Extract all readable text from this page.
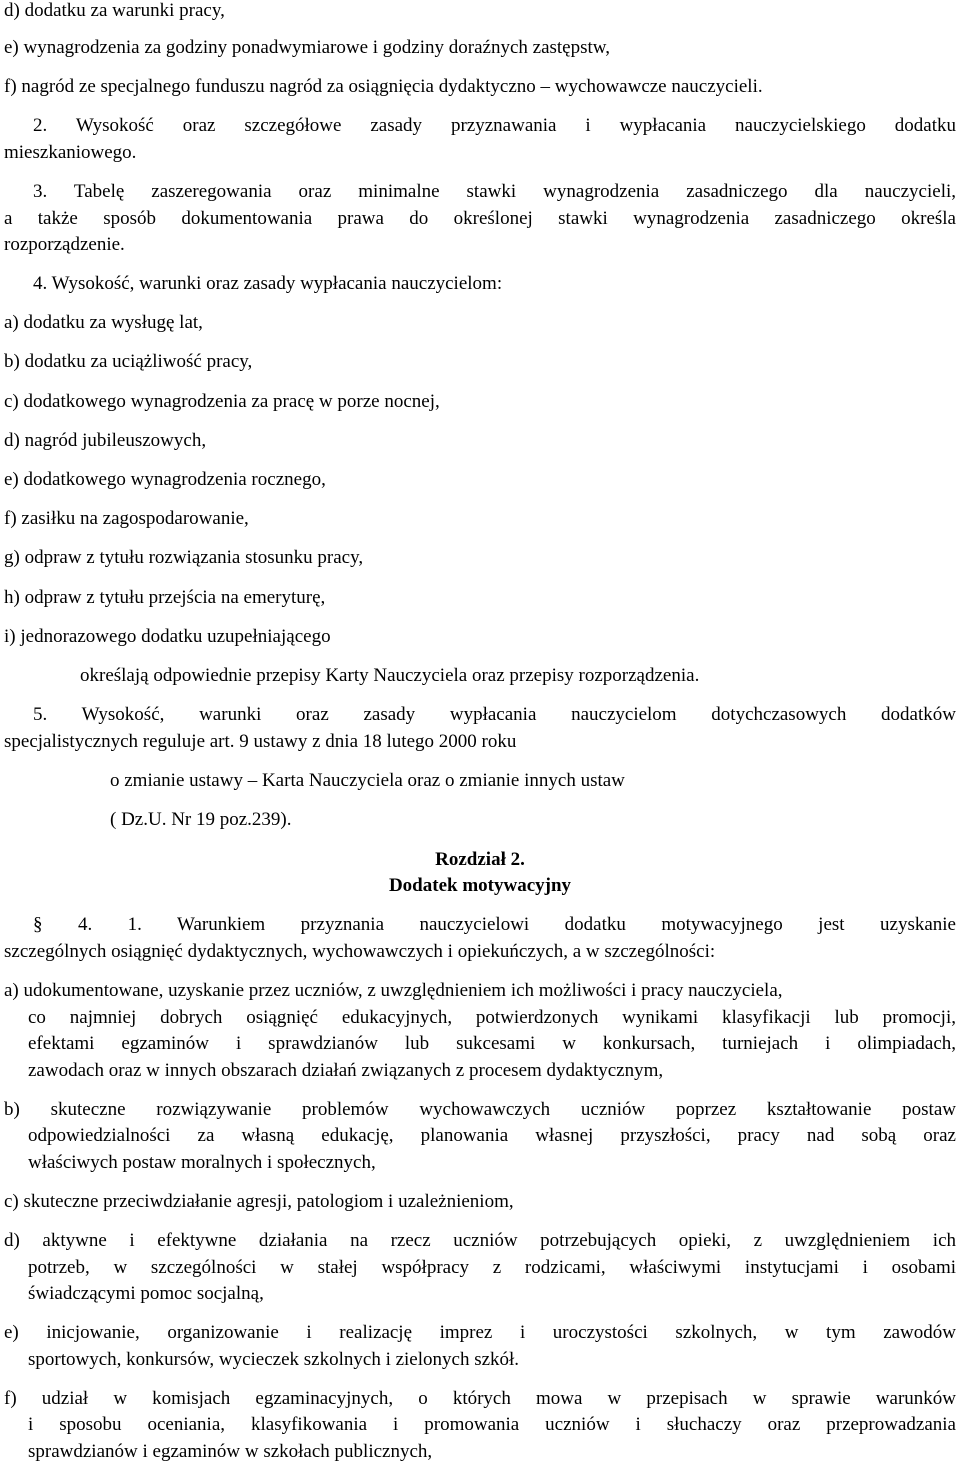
d) dodatku za warunki pracy,
e) wynagrodzenia za godziny ponadwymiarowe i godziny doraźnych zastępstw,
f) nagród ze specjalnego funduszu nagród za osiągnięcia dydaktyczno – wychowawcze nauczycieli.
2. Wysokość oraz szczegółowe zasady przyznawania i wypłacania nauczycielskiego dodatku
mieszkaniowego.
3. Tabelę zaszeregowania oraz minimalne stawki wynagrodzenia zasadniczego dla nauczycieli,
a także sposób dokumentowania prawa do określonej stawki wynagrodzenia zasadniczego określa
rozporządzenie.
4. Wysokość, warunki oraz zasady wypłacania nauczycielom:
a) dodatku za wysługę lat,
b) dodatku za uciążliwość pracy,
c) dodatkowego wynagrodzenia za pracę w porze nocnej,
d) nagród jubileuszowych,
e) dodatkowego wynagrodzenia rocznego,
f) zasiłku na zagospodarowanie,
g) odpraw z tytułu rozwiązania stosunku pracy,
h) odpraw z tytułu przejścia na emeryturę,
i) jednorazowego dodatku uzupełniającego
określają odpowiednie przepisy Karty Nauczyciela oraz przepisy rozporządzenia.
5. Wysokość, warunki oraz zasady wypłacania nauczycielom dotychczasowych dodatków
specjalistycznych reguluje art. 9 ustawy z dnia 18 lutego 2000 roku
o zmianie ustawy – Karta Nauczyciela oraz o zmianie innych ustaw
( Dz.U. Nr 19 poz.239).
Rozdział 2.
Dodatek motywacyjny
§ 4. 1. Warunkiem przyznania nauczycielowi dodatku motywacyjnego jest uzyskanie
szczególnych osiągnięć dydaktycznych, wychowawczych i opiekuńczych, a w szczególności:
a) udokumentowane, uzyskanie przez uczniów, z uwzględnieniem ich możliwości i pracy nauczyciela,
co najmniej dobrych osiągnięć edukacyjnych, potwierdzonych wynikami klasyfikacji lub promocji,
efektami egzaminów i sprawdzianów lub sukcesami w konkursach, turniejach i olimpiadach,
zawodach oraz w innych obszarach działań związanych z procesem dydaktycznym,
b) skuteczne rozwiązywanie problemów wychowawczych uczniów poprzez kształtowanie postaw
odpowiedzialności za własną edukację, planowania własnej przyszłości, pracy nad sobą oraz
właściwych postaw moralnych i społecznych,
c) skuteczne przeciwdziałanie agresji, patologiom i uzależnieniom,
d) aktywne i efektywne działania na rzecz uczniów potrzebujących opieki, z uwzględnieniem ich
potrzeb, w szczególności w stałej współpracy z rodzicami, właściwymi instytucjami i osobami
świadczącymi pomoc socjalną,
e) inicjowanie, organizowanie i realizację imprez i uroczystości szkolnych, w tym zawodów
sportowych, konkursów, wycieczek szkolnych i zielonych szkół.
f) udział w komisjach egzaminacyjnych, o których mowa w przepisach w sprawie warunków
i sposobu oceniania, klasyfikowania i promowania uczniów i słuchaczy oraz przeprowadzania
sprawdzianów i egzaminów w szkołach publicznych,
